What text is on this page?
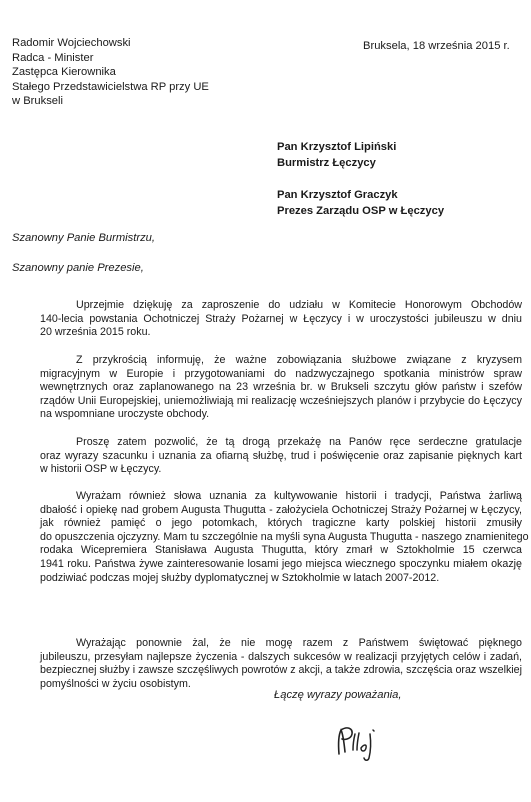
Radomir Wojciechowski
Radca - Minister
Zastępca Kierownika
Stałego Przedstawicielstwa RP przy UE
w Brukseli
Bruksela, 18 września 2015 r.
Pan Krzysztof Lipiński
Burmistrz Łęczycy
Pan Krzysztof Graczyk
Prezes Zarządu OSP w Łęczycy
Szanowny Panie Burmistrzu,
Szanowny panie Prezesie,
Uprzejmie dziękuję za zaproszenie do udziału w Komitecie Honorowym Obchodów
140-lecia powstania Ochotniczej Straży Pożarnej w Łęczycy i w uroczystości jubileuszu w dniu
20 września 2015 roku.
Z przykrością informuję, że ważne zobowiązania służbowe związane z kryzysem
migracyjnym w Europie i przygotowaniami do nadzwyczajnego spotkania ministrów spraw
wewnętrznych oraz zaplanowanego na 23 września br. w Brukseli szczytu głów państw i szefów
rządów Unii Europejskiej, uniemożliwiają mi realizację wcześniejszych planów i przybycie do Łęczycy
na wspomniane uroczyste obchody.
Proszę zatem pozwolić, że tą drogą przekażę na Panów ręce serdeczne gratulacje
oraz wyrazy szacunku i uznania za ofiarną służbę, trud i poświęcenie oraz zapisanie pięknych kart
w historii OSP w Łęczycy.
Wyrażam również słowa uznania za kultywowanie historii i tradycji, Państwa żarliwą
dbałość i opiekę nad grobem Augusta Thugutta - założyciela Ochotniczej Straży Pożarnej w Łęczycy,
jak również pamięć o jego potomkach, których tragiczne karty polskiej historii zmusiły
do opuszczenia ojczyzny. Mam tu szczególnie na myśli syna Augusta Thugutta - naszego znamienitego
rodaka Wicepremiera Stanisława Augusta Thugutta, który zmarł w Sztokholmie 15 czerwca
1941 roku. Państwa żywe zainteresowanie losami jego miejsca wiecznego spoczynku miałem okazję
podziwiać podczas mojej służby dyplomatycznej w Sztokholmie w latach 2007-2012.
Wyrażając ponownie żal, że nie mogę razem z Państwem świętować pięknego
jubileuszu, przesyłam najlepsze życzenia - dalszych sukcesów w realizacji przyjętych celów i zadań,
bezpiecznej służby i zawsze szczęśliwych powrotów z akcji, a także zdrowia, szczęścia oraz wszelkiej
pomyślności w życiu osobistym.
Łączę wyrazy poważania,
